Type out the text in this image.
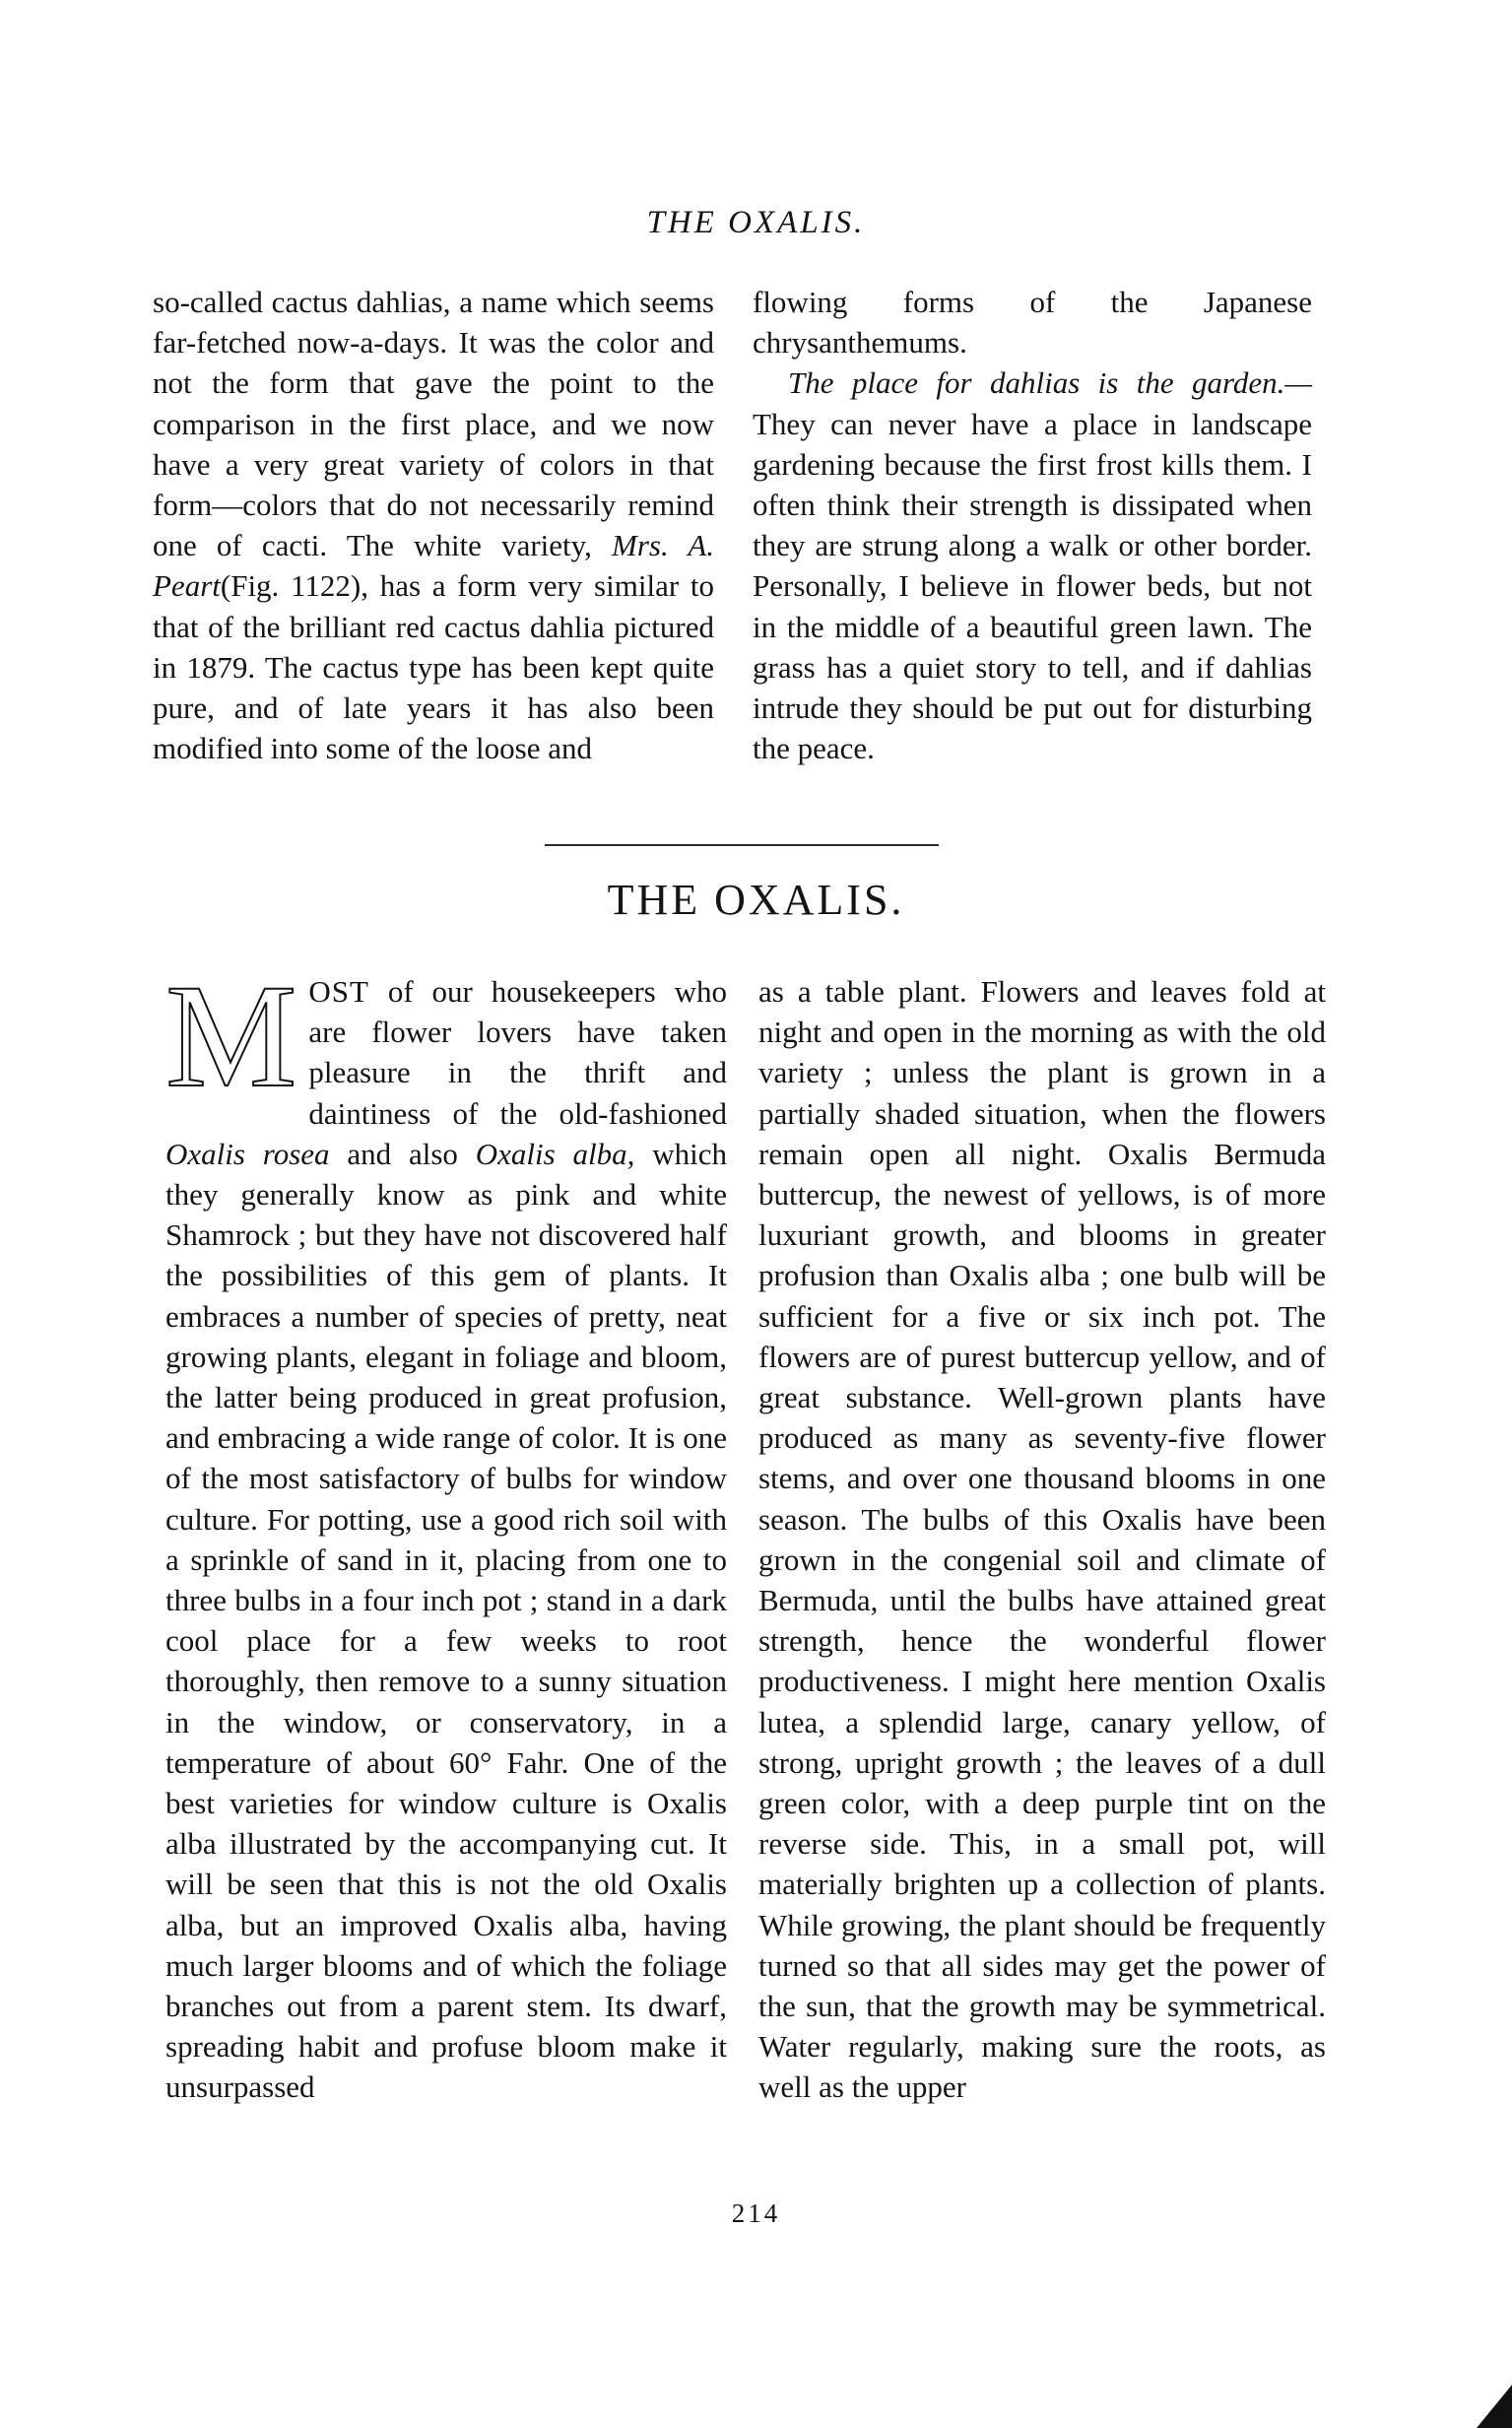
THE OXALIS.

so-called cactus dahlias, a name which seems far-fetched now-a-days. It was the color and not the form that gave the point to the comparison in the first place, and we now have a very great variety of colors in that form—colors that do not necessarily remind one of cacti. The white variety, Mrs. A. Peart(Fig. 1122), has a form very similar to that of the brilliant red cactus dahlia pictured in 1879. The cactus type has been kept quite pure, and of late years it has also been modified into some of the loose and

flowing forms of the Japanese chrysanthemums.

The place for dahlias is the garden.— They can never have a place in landscape gardening because the first frost kills them. I often think their strength is dissipated when they are strung along a walk or other border. Personally, I believe in flower beds, but not in the middle of a beautiful green lawn. The grass has a quiet story to tell, and if dahlias intrude they should be put out for disturbing the peace.

THE OXALIS.

MOST of our housekeepers who are flower lovers have taken pleasure in the thrift and daintiness of the old-fashioned Oxalis rosea and also Oxalis alba, which they generally know as pink and white Shamrock ; but they have not discovered half the possibilities of this gem of plants. It embraces a number of species of pretty, neat growing plants, elegant in foliage and bloom, the latter being produced in great profusion, and embracing a wide range of color. It is one of the most satisfactory of bulbs for window culture. For potting, use a good rich soil with a sprinkle of sand in it, placing from one to three bulbs in a four inch pot ; stand in a dark cool place for a few weeks to root thoroughly, then remove to a sunny situation in the window, or conservatory, in a temperature of about 60° Fahr. One of the best varieties for window culture is Oxalis alba illustrated by the accompanying cut. It will be seen that this is not the old Oxalis alba, but an improved Oxalis alba, having much larger blooms and of which the foliage branches out from a parent stem. Its dwarf, spreading habit and profuse bloom make it unsurpassed

as a table plant. Flowers and leaves fold at night and open in the morning as with the old variety ; unless the plant is grown in a partially shaded situation, when the flowers remain open all night. Oxalis Bermuda buttercup, the newest of yellows, is of more luxuriant growth, and blooms in greater profusion than Oxalis alba ; one bulb will be sufficient for a five or six inch pot. The flowers are of purest buttercup yellow, and of great substance. Well-grown plants have produced as many as seventy-five flower stems, and over one thousand blooms in one season. The bulbs of this Oxalis have been grown in the congenial soil and climate of Bermuda, until the bulbs have attained great strength, hence the wonderful flower productiveness. I might here mention Oxalis lutea, a splendid large, canary yellow, of strong, upright growth ; the leaves of a dull green color, with a deep purple tint on the reverse side. This, in a small pot, will materially brighten up a collection of plants. While growing, the plant should be frequently turned so that all sides may get the power of the sun, that the growth may be symmetrical. Water regularly, making sure the roots, as well as the upper

214
